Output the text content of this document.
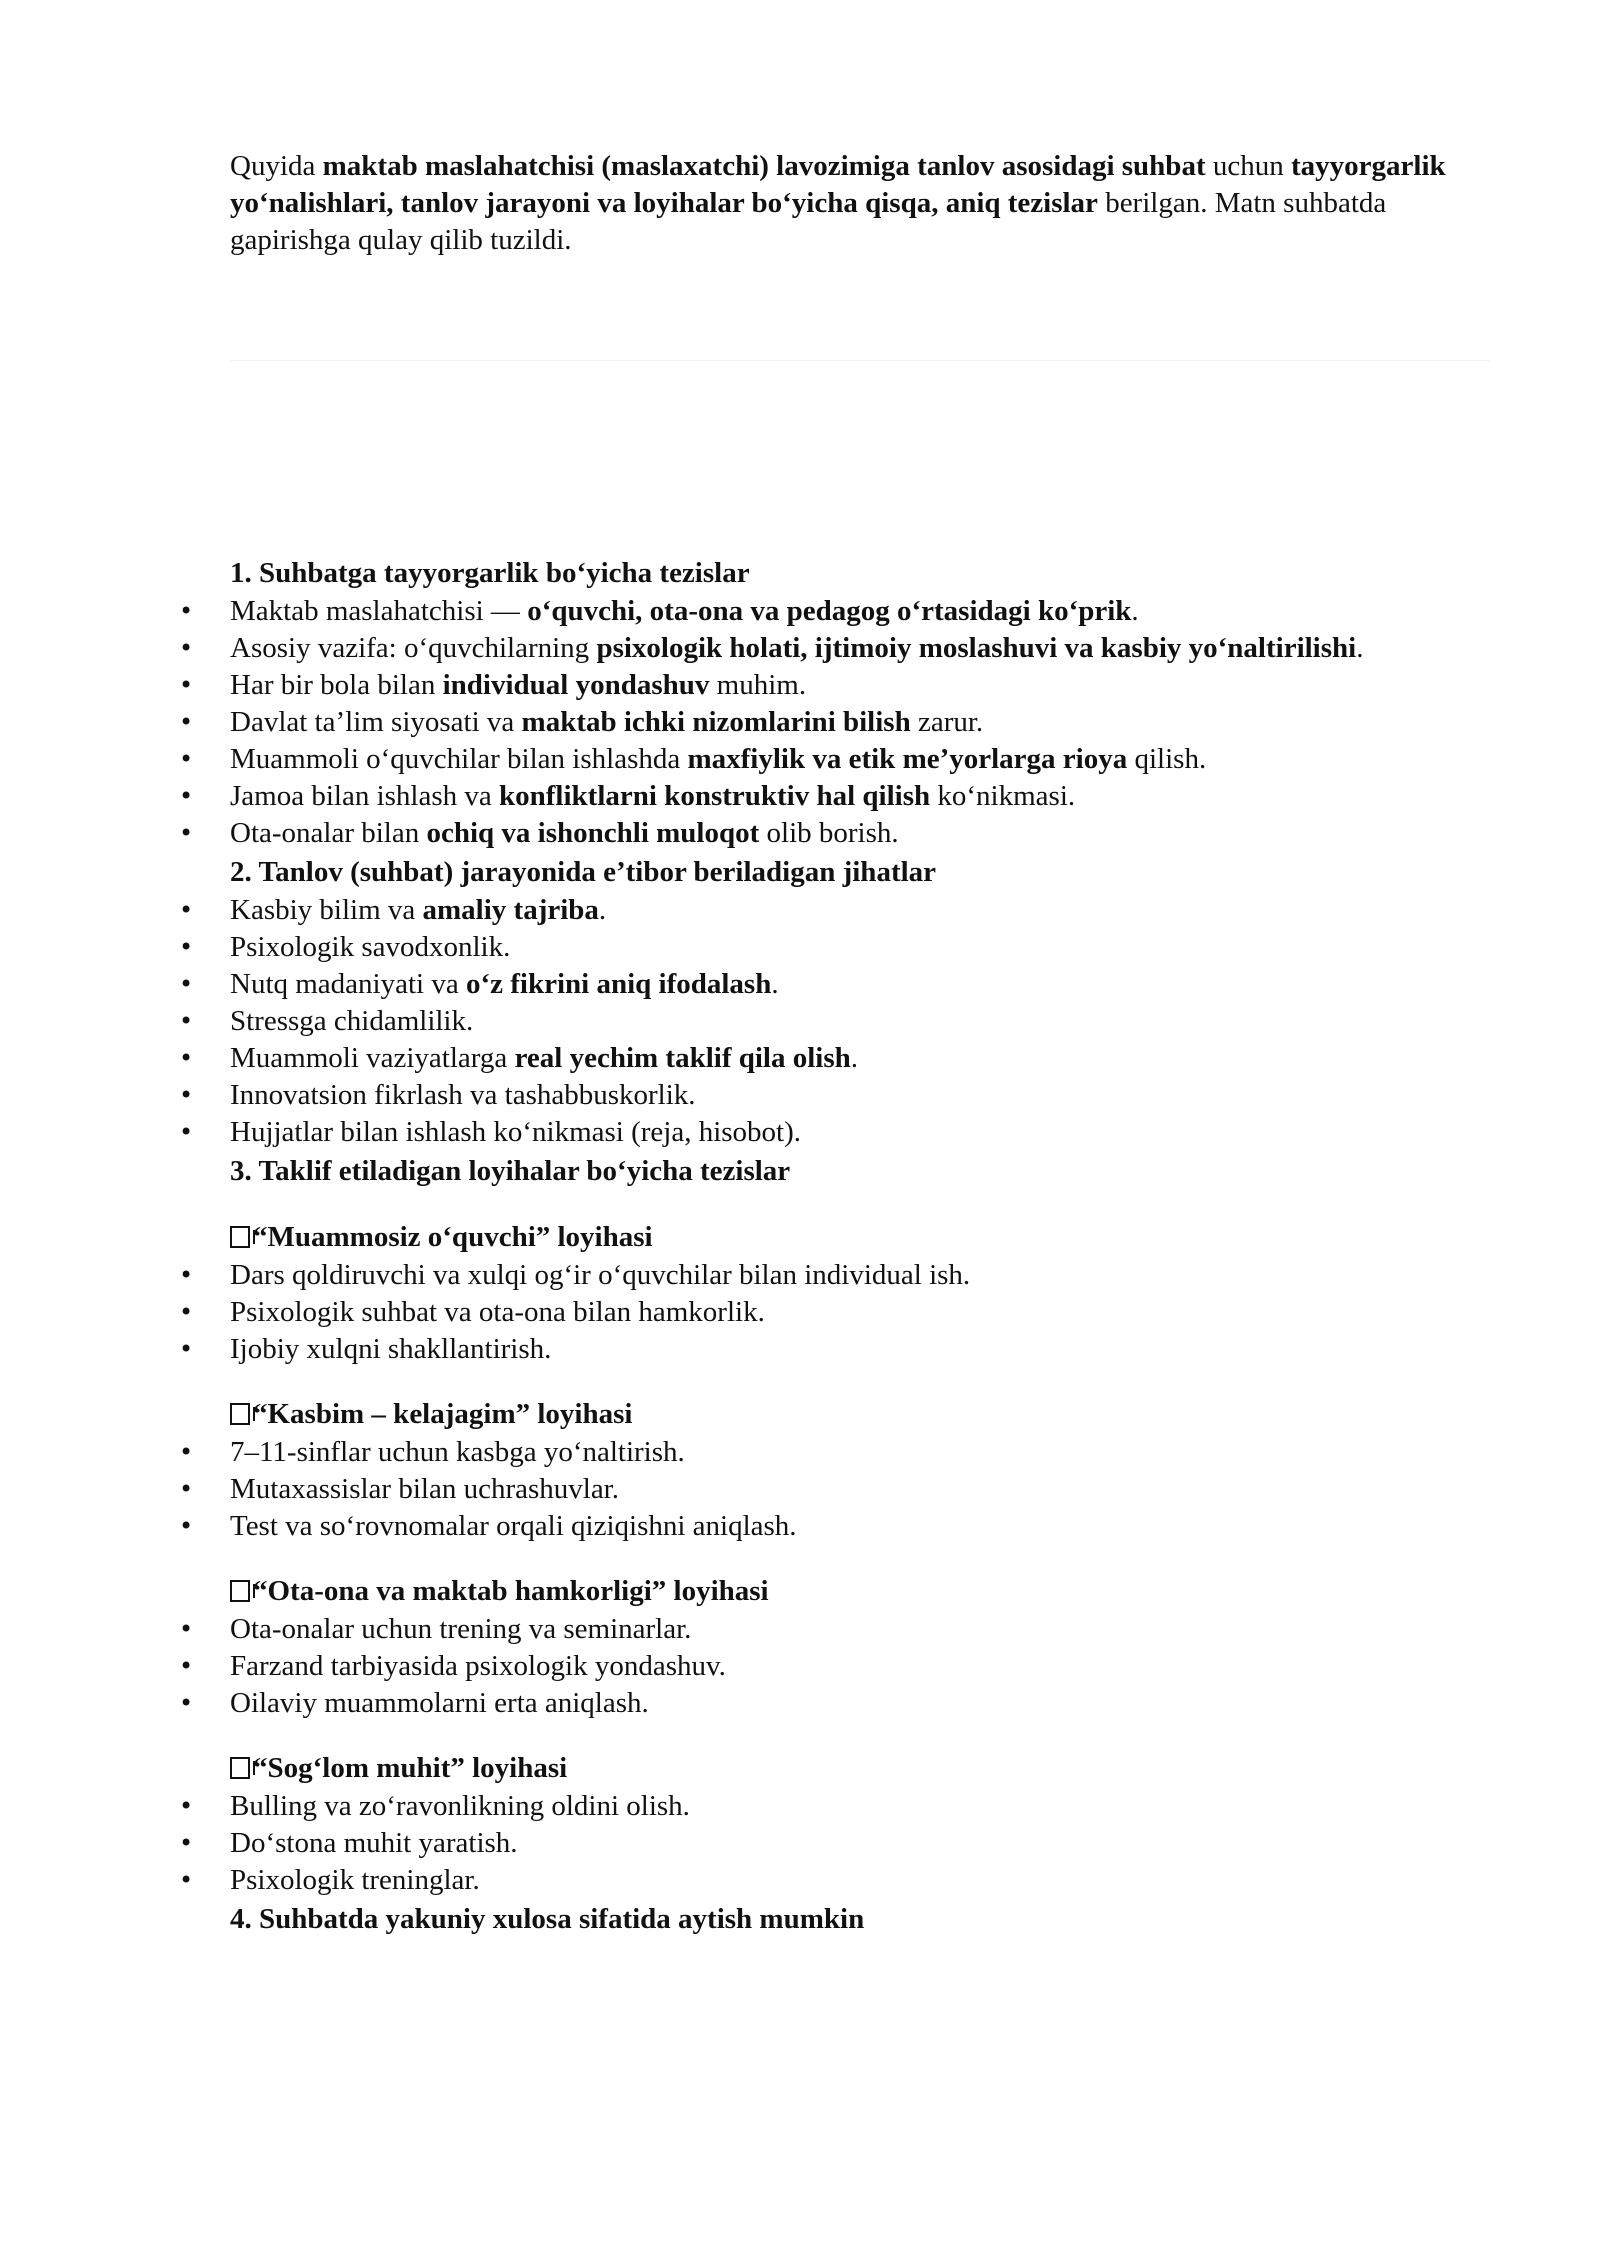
Quyida maktab maslahatchisi (maslaxatchi) lavozimiga tanlov asosidagi suhbat uchun tayyorgarlik yo‘nalishlari, tanlov jarayoni va loyihalar bo‘yicha qisqa, aniq tezislar berilgan. Matn suhbatda gapirishga qulay qilib tuzildi.
1. Suhbatga tayyorgarlik bo‘yicha tezislar
• Maktab maslahatchisi — o‘quvchi, ota-ona va pedagog o‘rtasidagi ko‘prik.
• Asosiy vazifa: o‘quvchilarning psixologik holati, ijtimoiy moslashuvi va kasbiy yo‘naltirilishi.
• Har bir bola bilan individual yondashuv muhim.
• Davlat ta’lim siyosati va maktab ichki nizomlarini bilish zarur.
• Muammoli o‘quvchilar bilan ishlashda maxfiylik va etik me’yorlarga rioya qilish.
• Jamoa bilan ishlash va konfliktlarni konstruktiv hal qilish ko‘nikmasi.
• Ota-onalar bilan ochiq va ishonchli muloqot olib borish.
2. Tanlov (suhbat) jarayonida e’tibor beriladigan jihatlar
• Kasbiy bilim va amaliy tajriba.
• Psixologik savodxonlik.
• Nutq madaniyati va o‘z fikrini aniq ifodalash.
• Stressga chidamlilik.
• Muammoli vaziyatlarga real yechim taklif qila olish.
• Innovatsion fikrlash va tashabbuskorlik.
• Hujjatlar bilan ishlash ko‘nikmasi (reja, hisobot).
3. Taklif etiladigan loyihalar bo‘yicha tezislar
“Muammosiz o‘quvchi” loyihasi
• Dars qoldiruvchi va xulqi og‘ir o‘quvchilar bilan individual ish.
• Psixologik suhbat va ota-ona bilan hamkorlik.
• Ijobiy xulqni shakllantirish.
“Kasbim – kelajagim” loyihasi
• 7–11-sinflar uchun kasbga yo‘naltirish.
• Mutaxassislar bilan uchrashuvlar.
• Test va so‘rovnomalar orqali qiziqishni aniqlash.
“Ota-ona va maktab hamkorligi” loyihasi
• Ota-onalar uchun trening va seminarlar.
• Farzand tarbiyasida psixologik yondashuv.
• Oilaviy muammolarni erta aniqlash.
“Sog‘lom muhit” loyihasi
• Bulling va zo‘ravonlikning oldini olish.
• Do‘stona muhit yaratish.
• Psixologik treninglar.
4. Suhbatda yakuniy xulosa sifatida aytish mumkin
